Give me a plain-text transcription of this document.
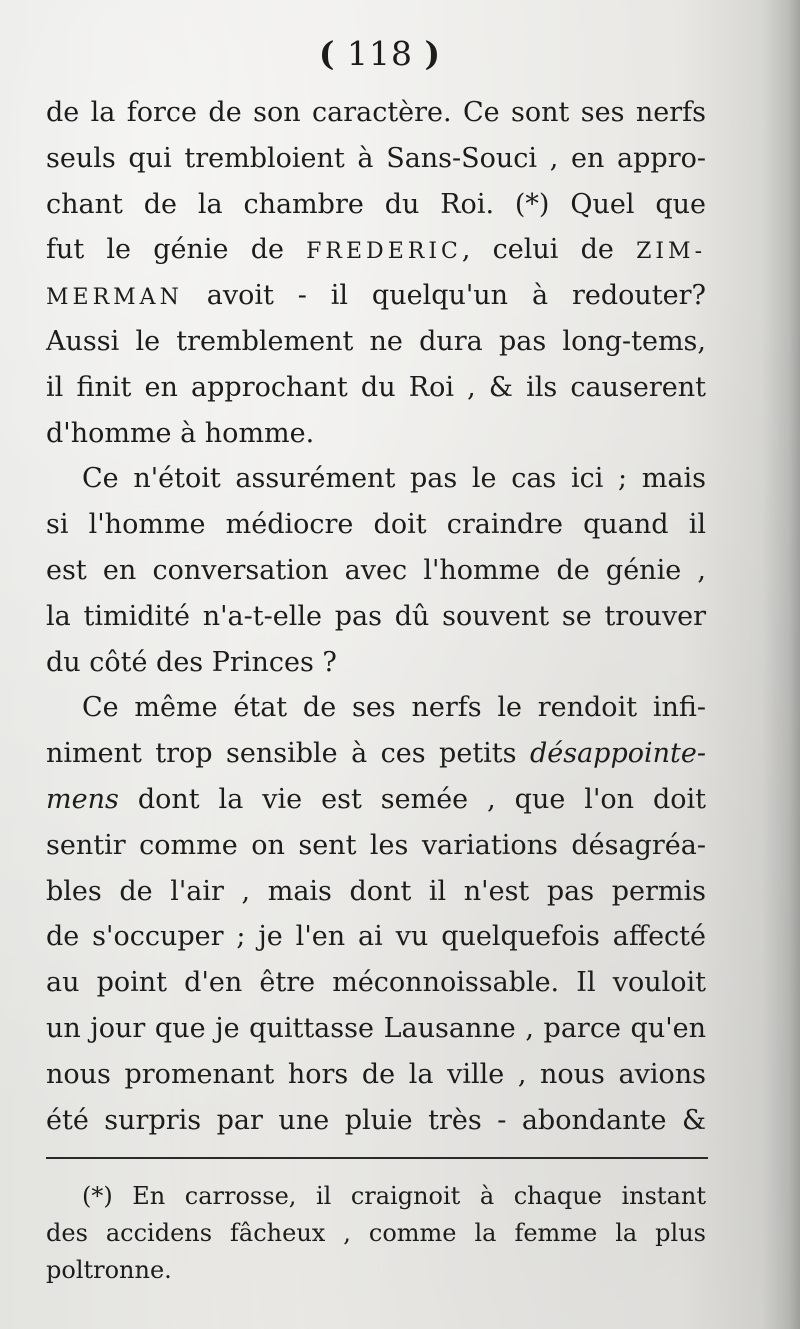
( 118 )
de la force de son caractère. Ce sont ses nerfs
seuls qui trembloient à Sans-Souci , en appro-
chant de la chambre du Roi. (*) Quel que
fut le génie de FREDERIC, celui de ZIM-
MERMAN avoit - il quelqu'un à redouter?
Aussi le tremblement ne dura pas long-tems,
il finit en approchant du Roi , & ils causerent
d'homme à homme.
Ce n'étoit assurément pas le cas ici ; mais
si l'homme médiocre doit craindre quand il
est en conversation avec l'homme de génie ,
la timidité n'a-t-elle pas dû souvent se trouver
du côté des Princes ?
Ce même état de ses nerfs le rendoit infi-
niment trop sensible à ces petits désappointe-
mens dont la vie est semée , que l'on doit
sentir comme on sent les variations désagréa-
bles de l'air , mais dont il n'est pas permis
de s'occuper ; je l'en ai vu quelquefois affecté
au point d'en être méconnoissable. Il vouloit
un jour que je quittasse Lausanne , parce qu'en
nous promenant hors de la ville , nous avions
été surpris par une pluie très - abondante &
(*) En carrosse, il craignoit à chaque instant
des accidens fâcheux , comme la femme la plus
poltronne.
